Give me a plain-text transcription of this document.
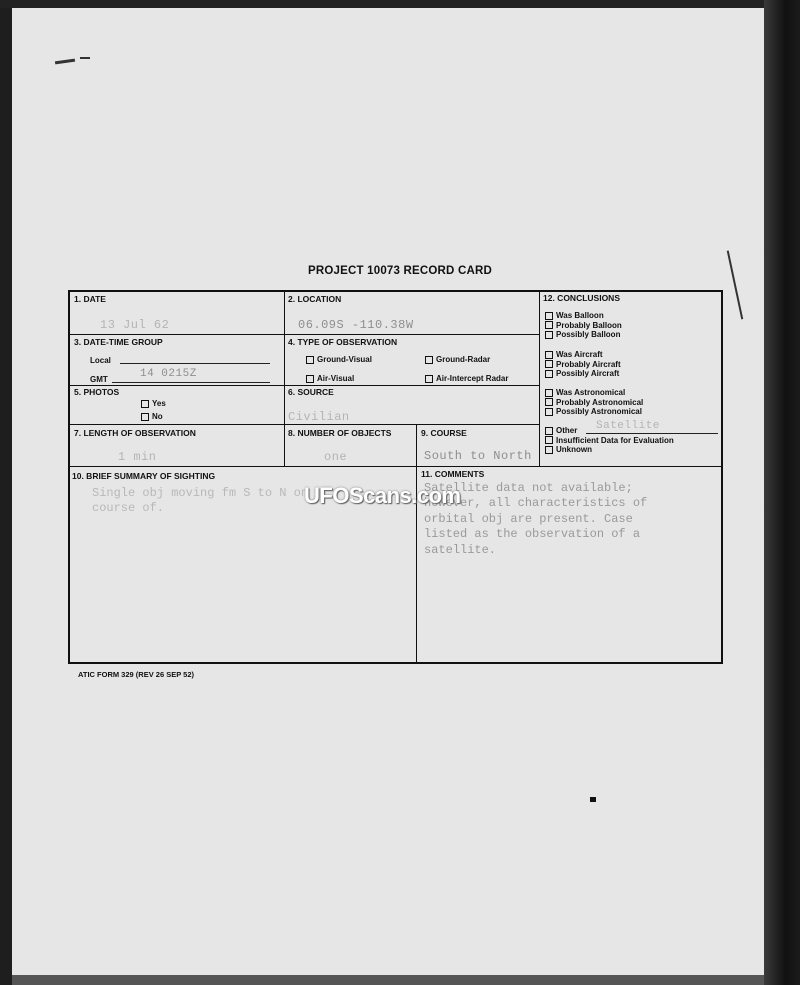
PROJECT 10073 RECORD CARD
1. DATE
13 Jul 62
2. LOCATION
06.09S -110.38W
3. DATE-TIME GROUP
Local
GMT	14 0215Z
4. TYPE OF OBSERVATION
Ground-Visual	Ground-Radar
Air-Visual	Air-Intercept Radar
5. PHOTOS
Yes
No
6. SOURCE
Civilian
7. LENGTH OF OBSERVATION
1 min
8. NUMBER OF OBJECTS
one
9. COURSE
South to North
12. CONCLUSIONS
Was Balloon
Probably Balloon
Possibly Balloon
Was Aircraft
Probably Aircraft
Possibly Aircraft
Was Astronomical
Probably Astronomical
Possibly Astronomical
Other
Insufficient Data for Evaluation
Unknown
Satellite
10. BRIEF SUMMARY OF SIGHTING
Single obj moving fm S to N on
course of.
11. COMMENTS
Satellite data not available;
however, all characteristics of
orbital obj are present. Case
listed as the observation of a
satellite.
UFOScans.com
ATIC FORM 329 (REV 26 SEP 52)
